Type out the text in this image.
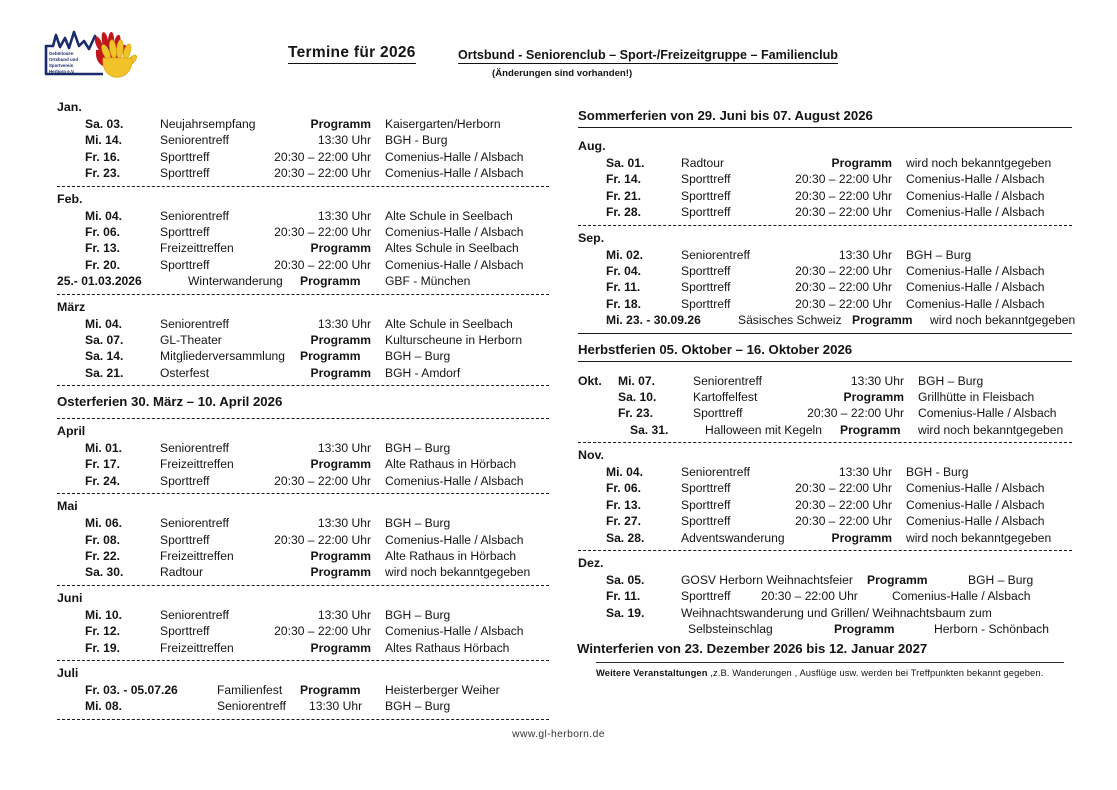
Gehörlosen
Ortsbund und
Sportverein
Herborn e.V.
Termine für 2026	Ortsbund - Seniorenclub – Sport-/Freizeitgruppe – Familienclub
(Änderungen sind vorhanden!)
Jan.
Sa. 03.	Neujahrsempfang	Programm Kaisergarten/Herborn
Mi. 14.	Seniorentreff	13:30 Uhr BGH - Burg
Fr. 16.	Sporttreff	20:30 – 22:00 Uhr Comenius-Halle / Alsbach
Fr. 23.	Sporttreff	20:30 – 22:00 Uhr Comenius-Halle / Alsbach
Feb.
Mi. 04.	Seniorentreff	13:30 Uhr Alte Schule in Seelbach
Fr. 06.	Sporttreff	20:30 – 22:00 Uhr Comenius-Halle / Alsbach
Fr. 13.	Freizeittreffen	Programm Altes Schule in Seelbach
Fr. 20.	Sporttreff	20:30 – 22:00 Uhr Comenius-Halle / Alsbach
25.- 01.03.2026	Winterwanderung Programm GBF - München
März
Mi. 04.	Seniorentreff	13:30 Uhr Alte Schule in Seelbach
Sa. 07.	GL-Theater	Programm Kulturscheune in Herborn
Sa. 14.	Mitgliederversammlung Programm BGH – Burg
Sa. 21.	Osterfest	Programm BGH - Amdorf
Osterferien 30. März – 10. April 2026
April
Mi. 01.	Seniorentreff	13:30 Uhr BGH – Burg
Fr. 17.	Freizeittreffen	Programm Alte Rathaus in Hörbach
Fr. 24.	Sporttreff	20:30 – 22:00 Uhr Comenius-Halle / Alsbach
Mai
Mi. 06.	Seniorentreff	13:30 Uhr BGH – Burg
Fr. 08.	Sporttreff	20:30 – 22:00 Uhr Comenius-Halle / Alsbach
Fr. 22.	Freizeittreffen	Programm Alte Rathaus in Hörbach
Sa. 30.	Radtour	Programm wird noch bekanntgegeben
Juni
Mi. 10.	Seniorentreff	13:30 Uhr BGH – Burg
Fr. 12.	Sporttreff	20:30 – 22:00 Uhr Comenius-Halle / Alsbach
Fr. 19.	Freizeittreffen	Programm Altes Rathaus Hörbach
Juli
Fr. 03. - 05.07.26	Familienfest Programm Heisterberger Weiher
Mi. 08.	Seniorentreff 13:30 Uhr BGH – Burg
Sommerferien von 29. Juni bis 07. August 2026
Aug.
Sa. 01.	Radtour	Programm wird noch bekanntgegeben
Fr. 14.	Sporttreff	20:30 – 22:00 Uhr Comenius-Halle / Alsbach
Fr. 21.	Sporttreff	20:30 – 22:00 Uhr Comenius-Halle / Alsbach
Fr. 28.	Sporttreff	20:30 – 22:00 Uhr Comenius-Halle / Alsbach
Sep.
Mi. 02.	Seniorentreff	13:30 Uhr BGH – Burg
Fr. 04.	Sporttreff	20:30 – 22:00 Uhr Comenius-Halle / Alsbach
Fr. 11.	Sporttreff	20:30 – 22:00 Uhr Comenius-Halle / Alsbach
Fr. 18.	Sporttreff	20:30 – 22:00 Uhr Comenius-Halle / Alsbach
Mi. 23. - 30.09.26	Säsisches Schweiz Programm wird noch bekanntgegeben
Herbstferien 05. Oktober – 16. Oktober 2026
Mi. 07.	Seniorentreff	13:30 Uhr BGH – Burg
Okt.
Sa. 10.	Kartoffelfest	Programm Grillhütte in Fleisbach
Fr. 23.	Sporttreff	20:30 – 22:00 Uhr Comenius-Halle / Alsbach
Sa. 31.	Halloween mit Kegeln Programm wird noch bekanntgegeben
Nov.
Mi. 04.	Seniorentreff	13:30 Uhr BGH - Burg
Fr. 06.	Sporttreff	20:30 – 22:00 Uhr Comenius-Halle / Alsbach
Fr. 13.	Sporttreff	20:30 – 22:00 Uhr Comenius-Halle / Alsbach
Fr. 27.	Sporttreff	20:30 – 22:00 Uhr Comenius-Halle / Alsbach
Sa. 28.	Adventswanderung	Programm wird noch bekanntgegeben
Dez.
Sa. 05.	GOSV Herborn Weihnachtsfeier Programm	BGH – Burg
Fr. 11.	Sporttreff	20:30 – 22:00 Uhr	Comenius-Halle / Alsbach
Sa. 19.	Weihnachtswanderung und Grillen/ Weihnachtsbaum zum
Selbsteinschlag	Programm	Herborn - Schönbach
Winterferien von 23. Dezember 2026 bis 12. Januar 2027
Weitere Veranstaltungen ,z.B. Wanderungen , Ausflüge usw. werden bei Treffpunkten bekannt gegeben.
www.gl-herborn.de
